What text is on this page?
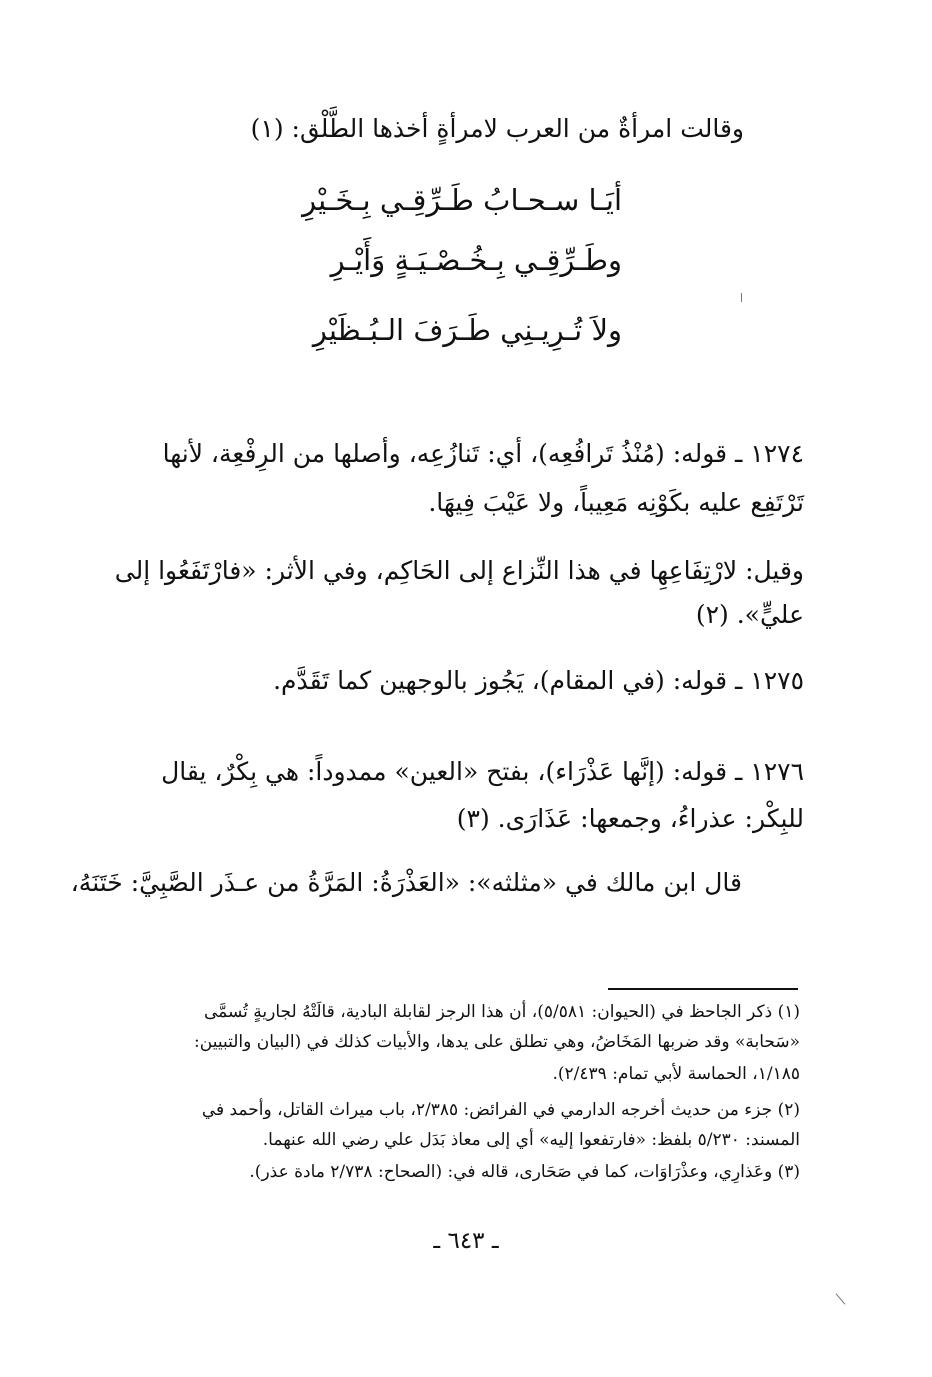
وقالت امرأةٌ من العرب لامرأةٍ أخذها الطَّلْق: (١)
أيَـا سـحـابُ طَـرِّقِـي بِـخَـيْرِ
وطَـرِّقِـي بِـخُـصْـيَـةٍ وَأَيْـرِ
ولاَ تُـرِيـنِي طَـرَفَ الـبُـظَيْرِ
١٢٧٤ ـ قوله: (مُنْذُ تَرافُعِه)، أي: تَنازُعِه، وأصلها من الرِفْعِة، لأنها
تَرْتَفِع عليه بكَوْنِه مَعِيباً، ولا عَيْبَ فِيهَا.
وقيل: لارْتِفَاعِهِا في هذا النِّزاع إلى الحَاكِم، وفي الأثر: «فارْتَفَعُوا إلى
عليٍّ». (٢)
١٢٧٥ ـ قوله: (في المقام)، يَجُوز بالوجهين كما تَقَدَّم.
١٢٧٦ ـ قوله: (إنَّها عَذْرَاء)، بفتح «العين» ممدوداً: هي بِكْرٌ، يقال
للبِكْر: عذراءُ، وجمعها: عَذَارَى. (٣)
قال ابن مالك في «مثلثه»: «العَذْرَةُ: المَرَّةُ من عـذَر الصَّبِيَّ: خَتَنَهُ،
(١) ذكر الجاحظ في (الحيوان: ٥/٥٨١)، أن هذا الرجز لقابلة البادية، قالَتْهُ لجاريةٍ تُسمَّى
«سَحابة» وقد ضربها المَخَاضُ، وهي تطلق على يدها، والأبيات كذلك في (البيان والتبيين:
١/١٨٥، الحماسة لأبي تمام: ٢/٤٣٩).
(٢) جزء من حديث أخرجه الدارمي في الفرائض: ٢/٣٨٥، باب ميراث القاتل، وأحمد في
المسند: ٥/٢٣٠ بلفظ: «فارتفعوا إليه» أي إلى معاذ بَدَل علي رضي الله عنهما.
(٣) وعَذارِي، وعذْرَاوَات، كما في صَحَارى، قاله في: (الصحاح: ٢/٧٣٨ مادة عذر).
ـ ٦٤٣ ـ
